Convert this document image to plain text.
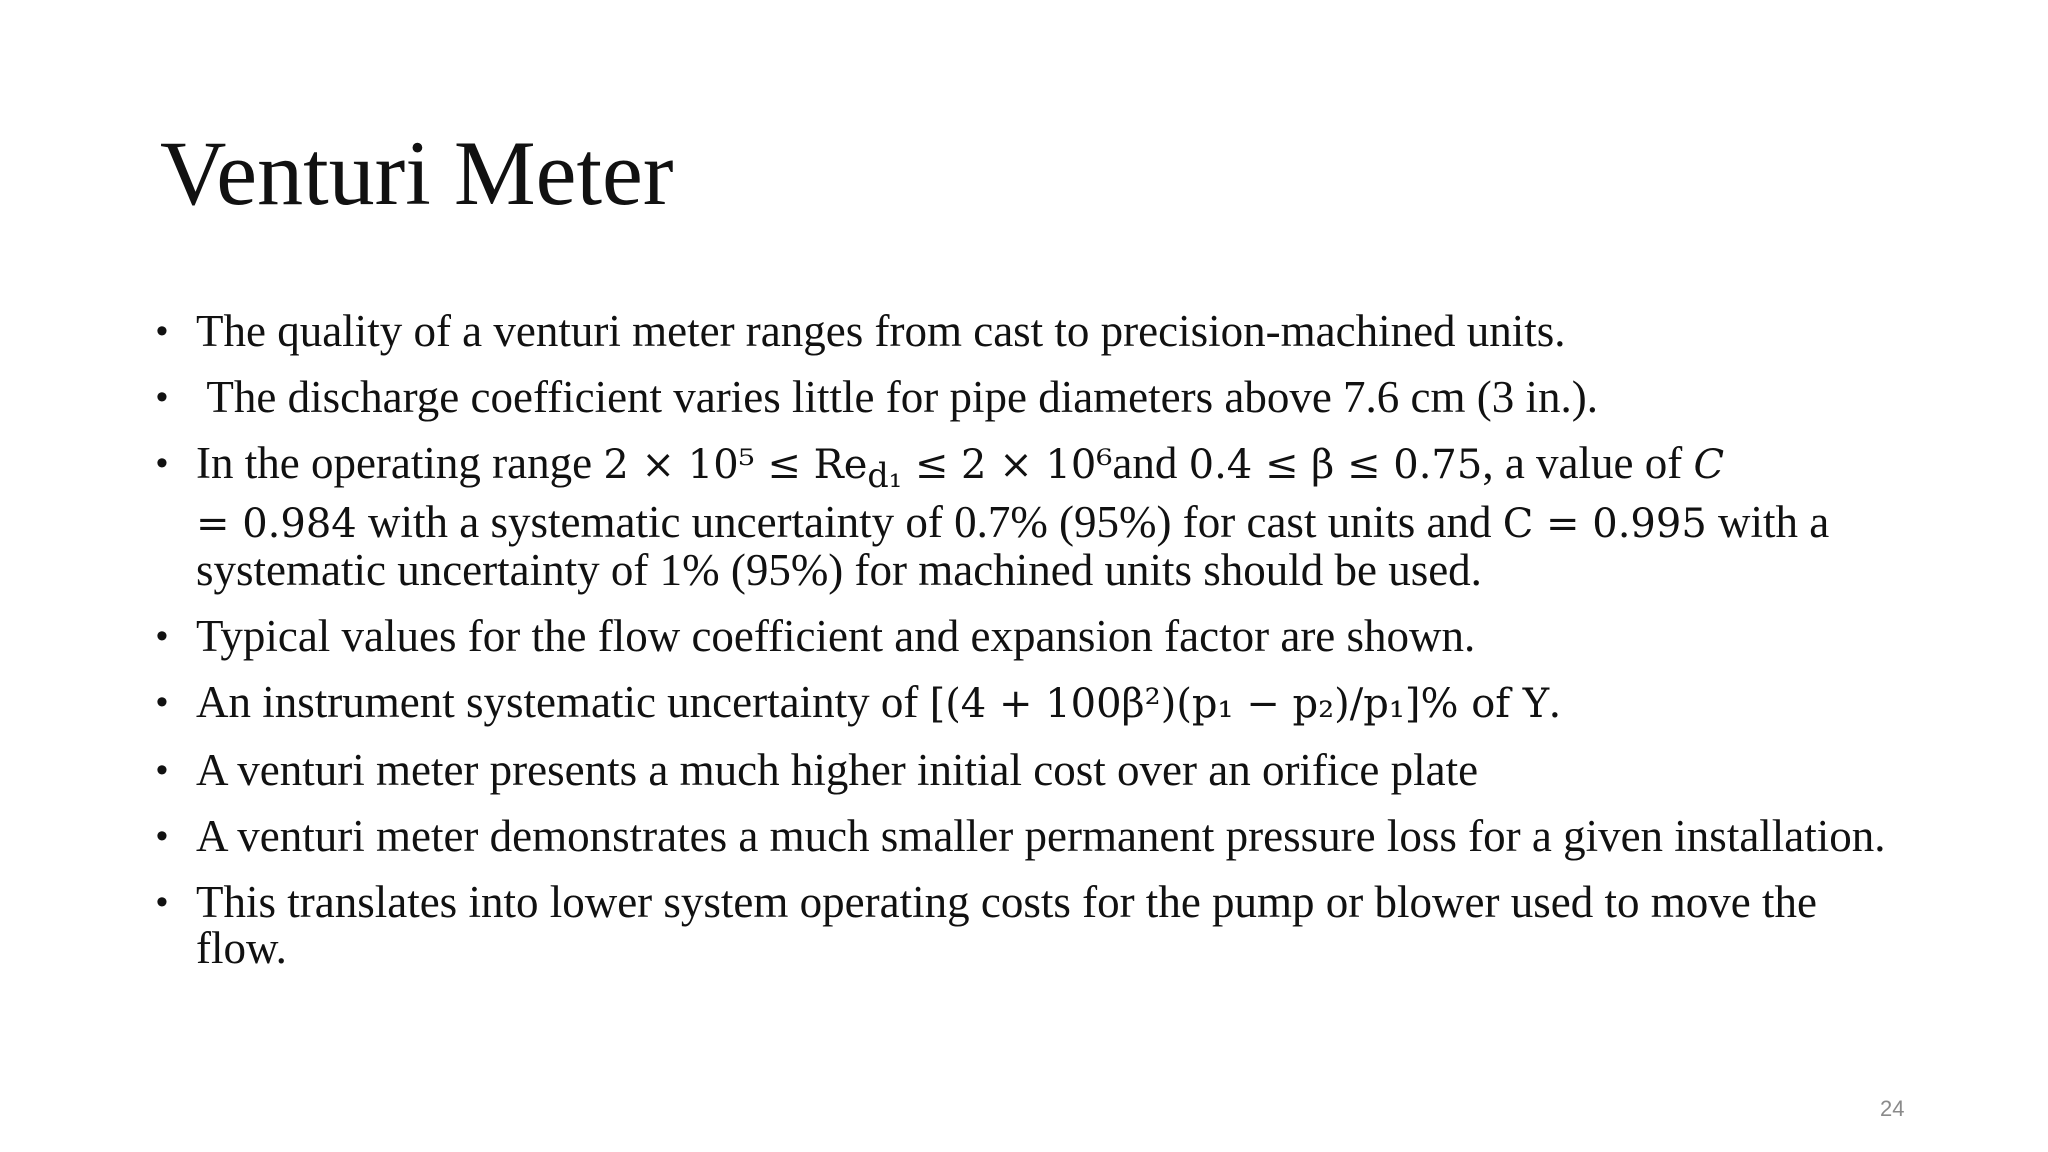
Venturi Meter
• The quality of a venturi meter ranges from cast to precision-machined units.
• The discharge coefficient varies little for pipe diameters above 7.6 cm (3 in.).
• In the operating range $2 \times 10^5 \le Re_{d_1} \le 2 \times 10^6and$ 0.4 ≤ β ≤ 0.75, a value of C
= 0.984 with a systematic uncertainty of 0.7% (95%) for cast units and C = 0.995 with a
systematic uncertainty of 1% (95%) for machined units should be used.
• Typical values for the flow coefficient and expansion factor are shown.
• An instrument systematic uncertainty of [(4 + 100β²)(p₁ − p₂)/p₁]% of Y.
• A venturi meter presents a much higher initial cost over an orifice plate
• A venturi meter demonstrates a much smaller permanent pressure loss for a given installation.
• This translates into lower system operating costs for the pump or blower used to move the flow.
24
